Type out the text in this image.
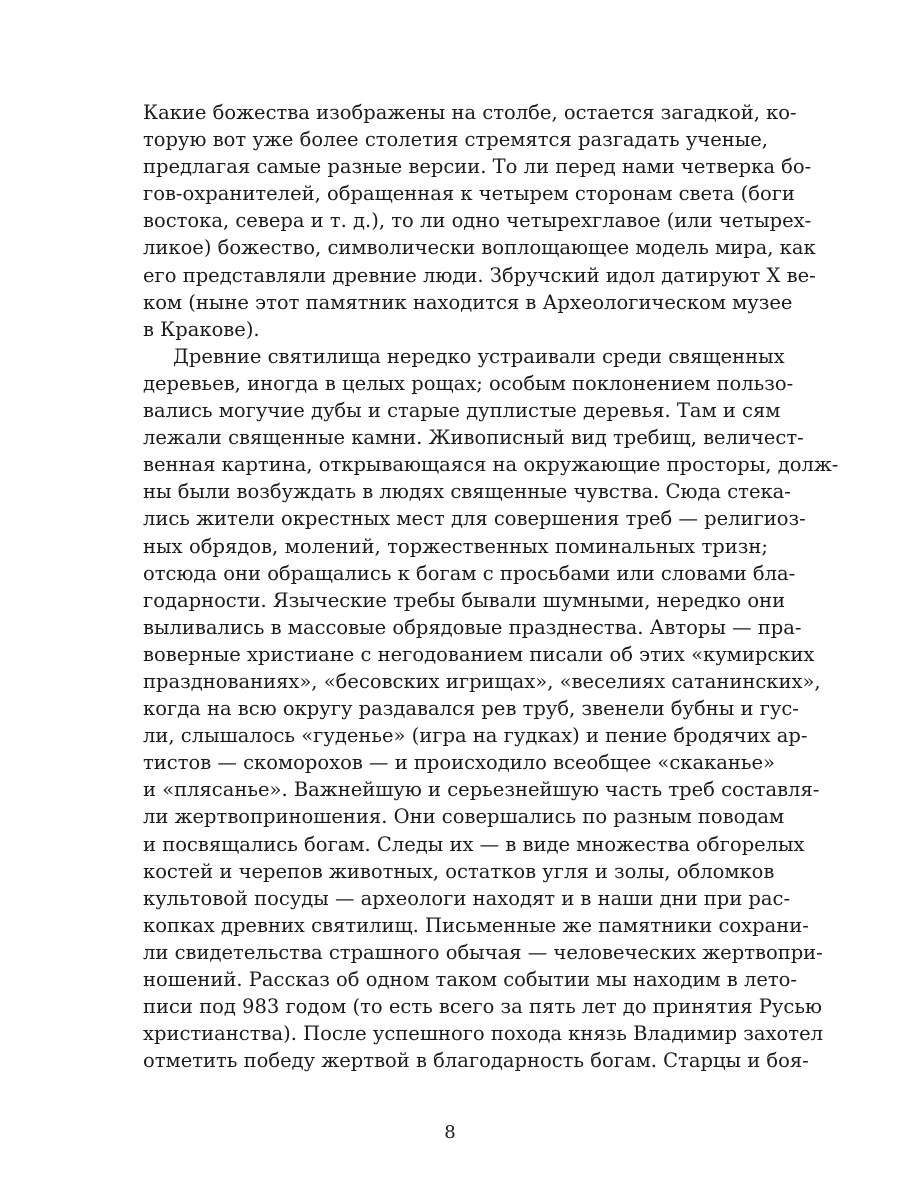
Какие божества изображены на столбе, остается загадкой, ко-
торую вот уже более столетия стремятся разгадать ученые,
предлагая самые разные версии. То ли перед нами четверка бо-
гов-охранителей, обращенная к четырем сторонам света (боги
востока, севера и т. д.), то ли одно четырехглавое (или четырех-
ликое) божество, символически воплощающее модель мира, как
его представляли древние люди. Збручский идол датируют X ве-
ком (ныне этот памятник находится в Археологическом музее
в Кракове).
Древние святилища нередко устраивали среди священных
деревьев, иногда в целых рощах; особым поклонением пользо-
вались могучие дубы и старые дуплистые деревья. Там и сям
лежали священные камни. Живописный вид требищ, величест-
венная картина, открывающаяся на окружающие просторы, долж-
ны были возбуждать в людях священные чувства. Сюда стека-
лись жители окрестных мест для совершения треб — религиоз-
ных обрядов, молений, торжественных поминальных тризн;
отсюда они обращались к богам с просьбами или словами бла-
годарности. Языческие требы бывали шумными, нередко они
выливались в массовые обрядовые празднества. Авторы — пра-
воверные христиане с негодованием писали об этих «кумирских
празднованиях», «бесовских игрищах», «веселиях сатанинских»,
когда на всю округу раздавался рев труб, звенели бубны и гус-
ли, слышалось «гуденье» (игра на гудках) и пение бродячих ар-
тистов — скоморохов — и происходило всеобщее «скаканье»
и «плясанье». Важнейшую и серьезнейшую часть треб составля-
ли жертвоприношения. Они совершались по разным поводам
и посвящались богам. Следы их — в виде множества обгорелых
костей и черепов животных, остатков угля и золы, обломков
культовой посуды — археологи находят и в наши дни при рас-
копках древних святилищ. Письменные же памятники сохрани-
ли свидетельства страшного обычая — человеческих жертвопри-
ношений. Рассказ об одном таком событии мы находим в лето-
писи под 983 годом (то есть всего за пять лет до принятия Русью
христианства). После успешного похода князь Владимир захотел
отметить победу жертвой в благодарность богам. Старцы и боя-
8
